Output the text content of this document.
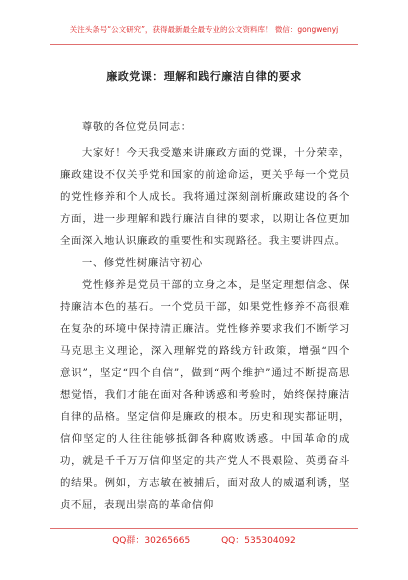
关注头条号“公文研究”，获得最新最全最专业的公文资料库！ 微信：gongwenyj
廉政党课：理解和践行廉洁自律的要求

尊敬的各位党员同志：

大家好！今天我受邀来讲廉政方面的党课，十分荣幸，廉政建设不仅关乎党和国家的前途命运，更关乎每一个党员的党性修养和个人成长。我将通过深刻剖析廉政建设的各个方面，进一步理解和践行廉洁自律的要求，以期让各位更加全面深入地认识廉政的重要性和实现路径。我主要讲四点。

一、修党性树廉洁守初心

党性修养是党员干部的立身之本，是坚定理想信念、保持廉洁本色的基石。一个党员干部，如果党性修养不高很难在复杂的环境中保持清正廉洁。党性修养要求我们不断学习马克思主义理论，深入理解党的路线方针政策，增强“四个意识”，坚定“四个自信”，做到“两个维护”通过不断提高思想觉悟，我们才能在面对各种诱惑和考验时，始终保持廉洁自律的品格。坚定信仰是廉政的根本。历史和现实都证明，信仰坚定的人往往能够抵御各种腐败诱惑。中国革命的成功，就是千千万万信仰坚定的共产党人不畏艰险、英勇奋斗的结果。例如，方志敏在被捕后，面对敌人的威逼利诱，坚贞不屈，表现出崇高的革命信仰

QQ群：30265665	QQ：535304092
